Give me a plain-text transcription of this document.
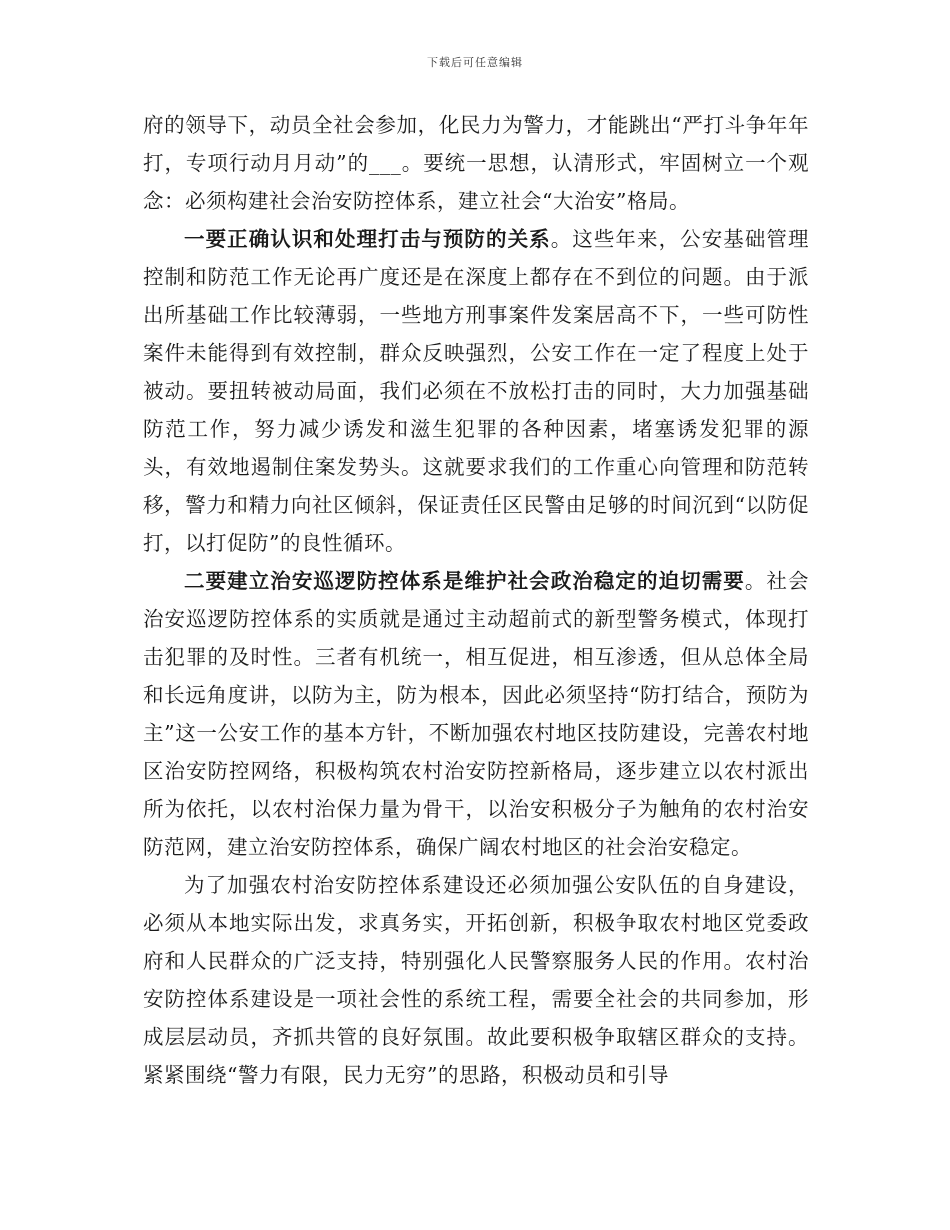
下载后可任意编辑

府的领导下，动员全社会参加，化民力为警力，才能跳出“严打斗争年年打，专项行动月月动”的___。要统一思想，认清形式，牢固树立一个观念：必须构建社会治安防控体系，建立社会“大治安”格局。

一要正确认识和处理打击与预防的关系。这些年来，公安基础管理控制和防范工作无论再广度还是在深度上都存在不到位的问题。由于派出所基础工作比较薄弱，一些地方刑事案件发案居高不下，一些可防性案件未能得到有效控制，群众反映强烈，公安工作在一定了程度上处于被动。要扭转被动局面，我们必须在不放松打击的同时，大力加强基础防范工作，努力减少诱发和滋生犯罪的各种因素，堵塞诱发犯罪的源头，有效地遏制住案发势头。这就要求我们的工作重心向管理和防范转移，警力和精力向社区倾斜，保证责任区民警由足够的时间沉到“以防促打，以打促防”的良性循环。

二要建立治安巡逻防控体系是维护社会政治稳定的迫切需要。社会治安巡逻防控体系的实质就是通过主动超前式的新型警务模式，体现打击犯罪的及时性。三者有机统一，相互促进，相互渗透，但从总体全局和长远角度讲，以防为主，防为根本，因此必须坚持“防打结合，预防为主”这一公安工作的基本方针，不断加强农村地区技防建设，完善农村地区治安防控网络，积极构筑农村治安防控新格局，逐步建立以农村派出所为依托，以农村治保力量为骨干，以治安积极分子为触角的农村治安防范网，建立治安防控体系，确保广阔农村地区的社会治安稳定。

为了加强农村治安防控体系建设还必须加强公安队伍的自身建设，必须从本地实际出发，求真务实，开拓创新，积极争取农村地区党委政府和人民群众的广泛支持，特别强化人民警察服务人民的作用。农村治安防控体系建设是一项社会性的系统工程，需要全社会的共同参加，形成层层动员，齐抓共管的良好氛围。故此要积极争取辖区群众的支持。紧紧围绕“警力有限，民力无穷”的思路，积极动员和引导
